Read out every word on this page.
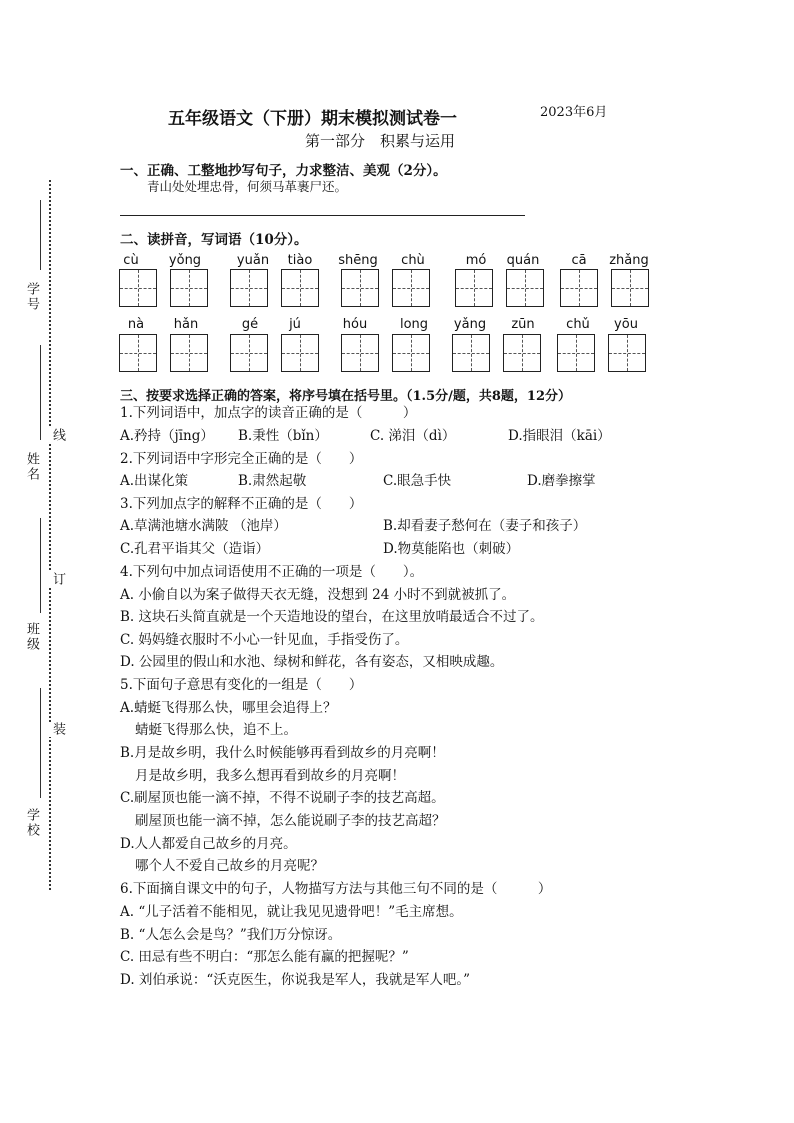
学号
姓名
线
订
班级
装
学校
五年级语文（下册）期末模拟测试卷一	2023年6月
第一部分　积累与运用
一、正确、工整地抄写句子，力求整洁、美观（2分）。
青山处处埋忠骨，何须马革裹尸还。
二、读拼音，写词语（10分）。
cù	yǒng	yuǎn	tiào	shēng	chù	mó	quán	cā	zhǎng
nà	hǎn	gé	jú	hóu	long	yǎng	zūn	chǔ	yōu
三、按要求选择正确的答案，将序号填在括号里。（1.5分/题，共8题，12分）
1.下列词语中，加点字的读音正确的是（　　　）
A.矜持（jīng） B.秉性（bǐn）	C. 涕泪（dì）	D.指眼泪（kāi）
2.下列词语中字形完全正确的是（　　）
A.出谋化策	B.肃然起敬	C.眼急手快	D.磨拳擦掌
3.下列加点字的解释不正确的是（　　）
A.草满池塘水满陂 （池岸）	B.却看妻子愁何在（妻子和孩子）
C.孔君平诣其父（造诣）	D.物莫能陷也（刺破）
4.下列句中加点词语使用不正确的一项是（　　）。
A. 小偷自以为案子做得天衣无缝，没想到 24 小时不到就被抓了。
B. 这块石头简直就是一个天造地设的望台，在这里放哨最适合不过了。
C. 妈妈缝衣服时不小心一针见血，手指受伤了。
D. 公园里的假山和水池、绿树和鲜花，各有姿态，又相映成趣。
5.下面句子意思有变化的一组是（　　）
A.蜻蜓飞得那么快，哪里会追得上？
蜻蜓飞得那么快，追不上。
B.月是故乡明，我什么时候能够再看到故乡的月亮啊！
月是故乡明，我多么想再看到故乡的月亮啊！
C.刷屋顶也能一滴不掉，不得不说刷子李的技艺高超。
刷屋顶也能一滴不掉，怎么能说刷子李的技艺高超？
D.人人都爱自己故乡的月亮。
哪个人不爱自己故乡的月亮呢？
6.下面摘自课文中的句子，人物描写方法与其他三句不同的是（　　　）
A. “儿子活着不能相见，就让我见见遗骨吧！”毛主席想。
B. “人怎么会是鸟？”我们万分惊讶。
C. 田忌有些不明白：“那怎么能有赢的把握呢？”
D. 刘伯承说：“沃克医生，你说我是军人，我就是军人吧。”
